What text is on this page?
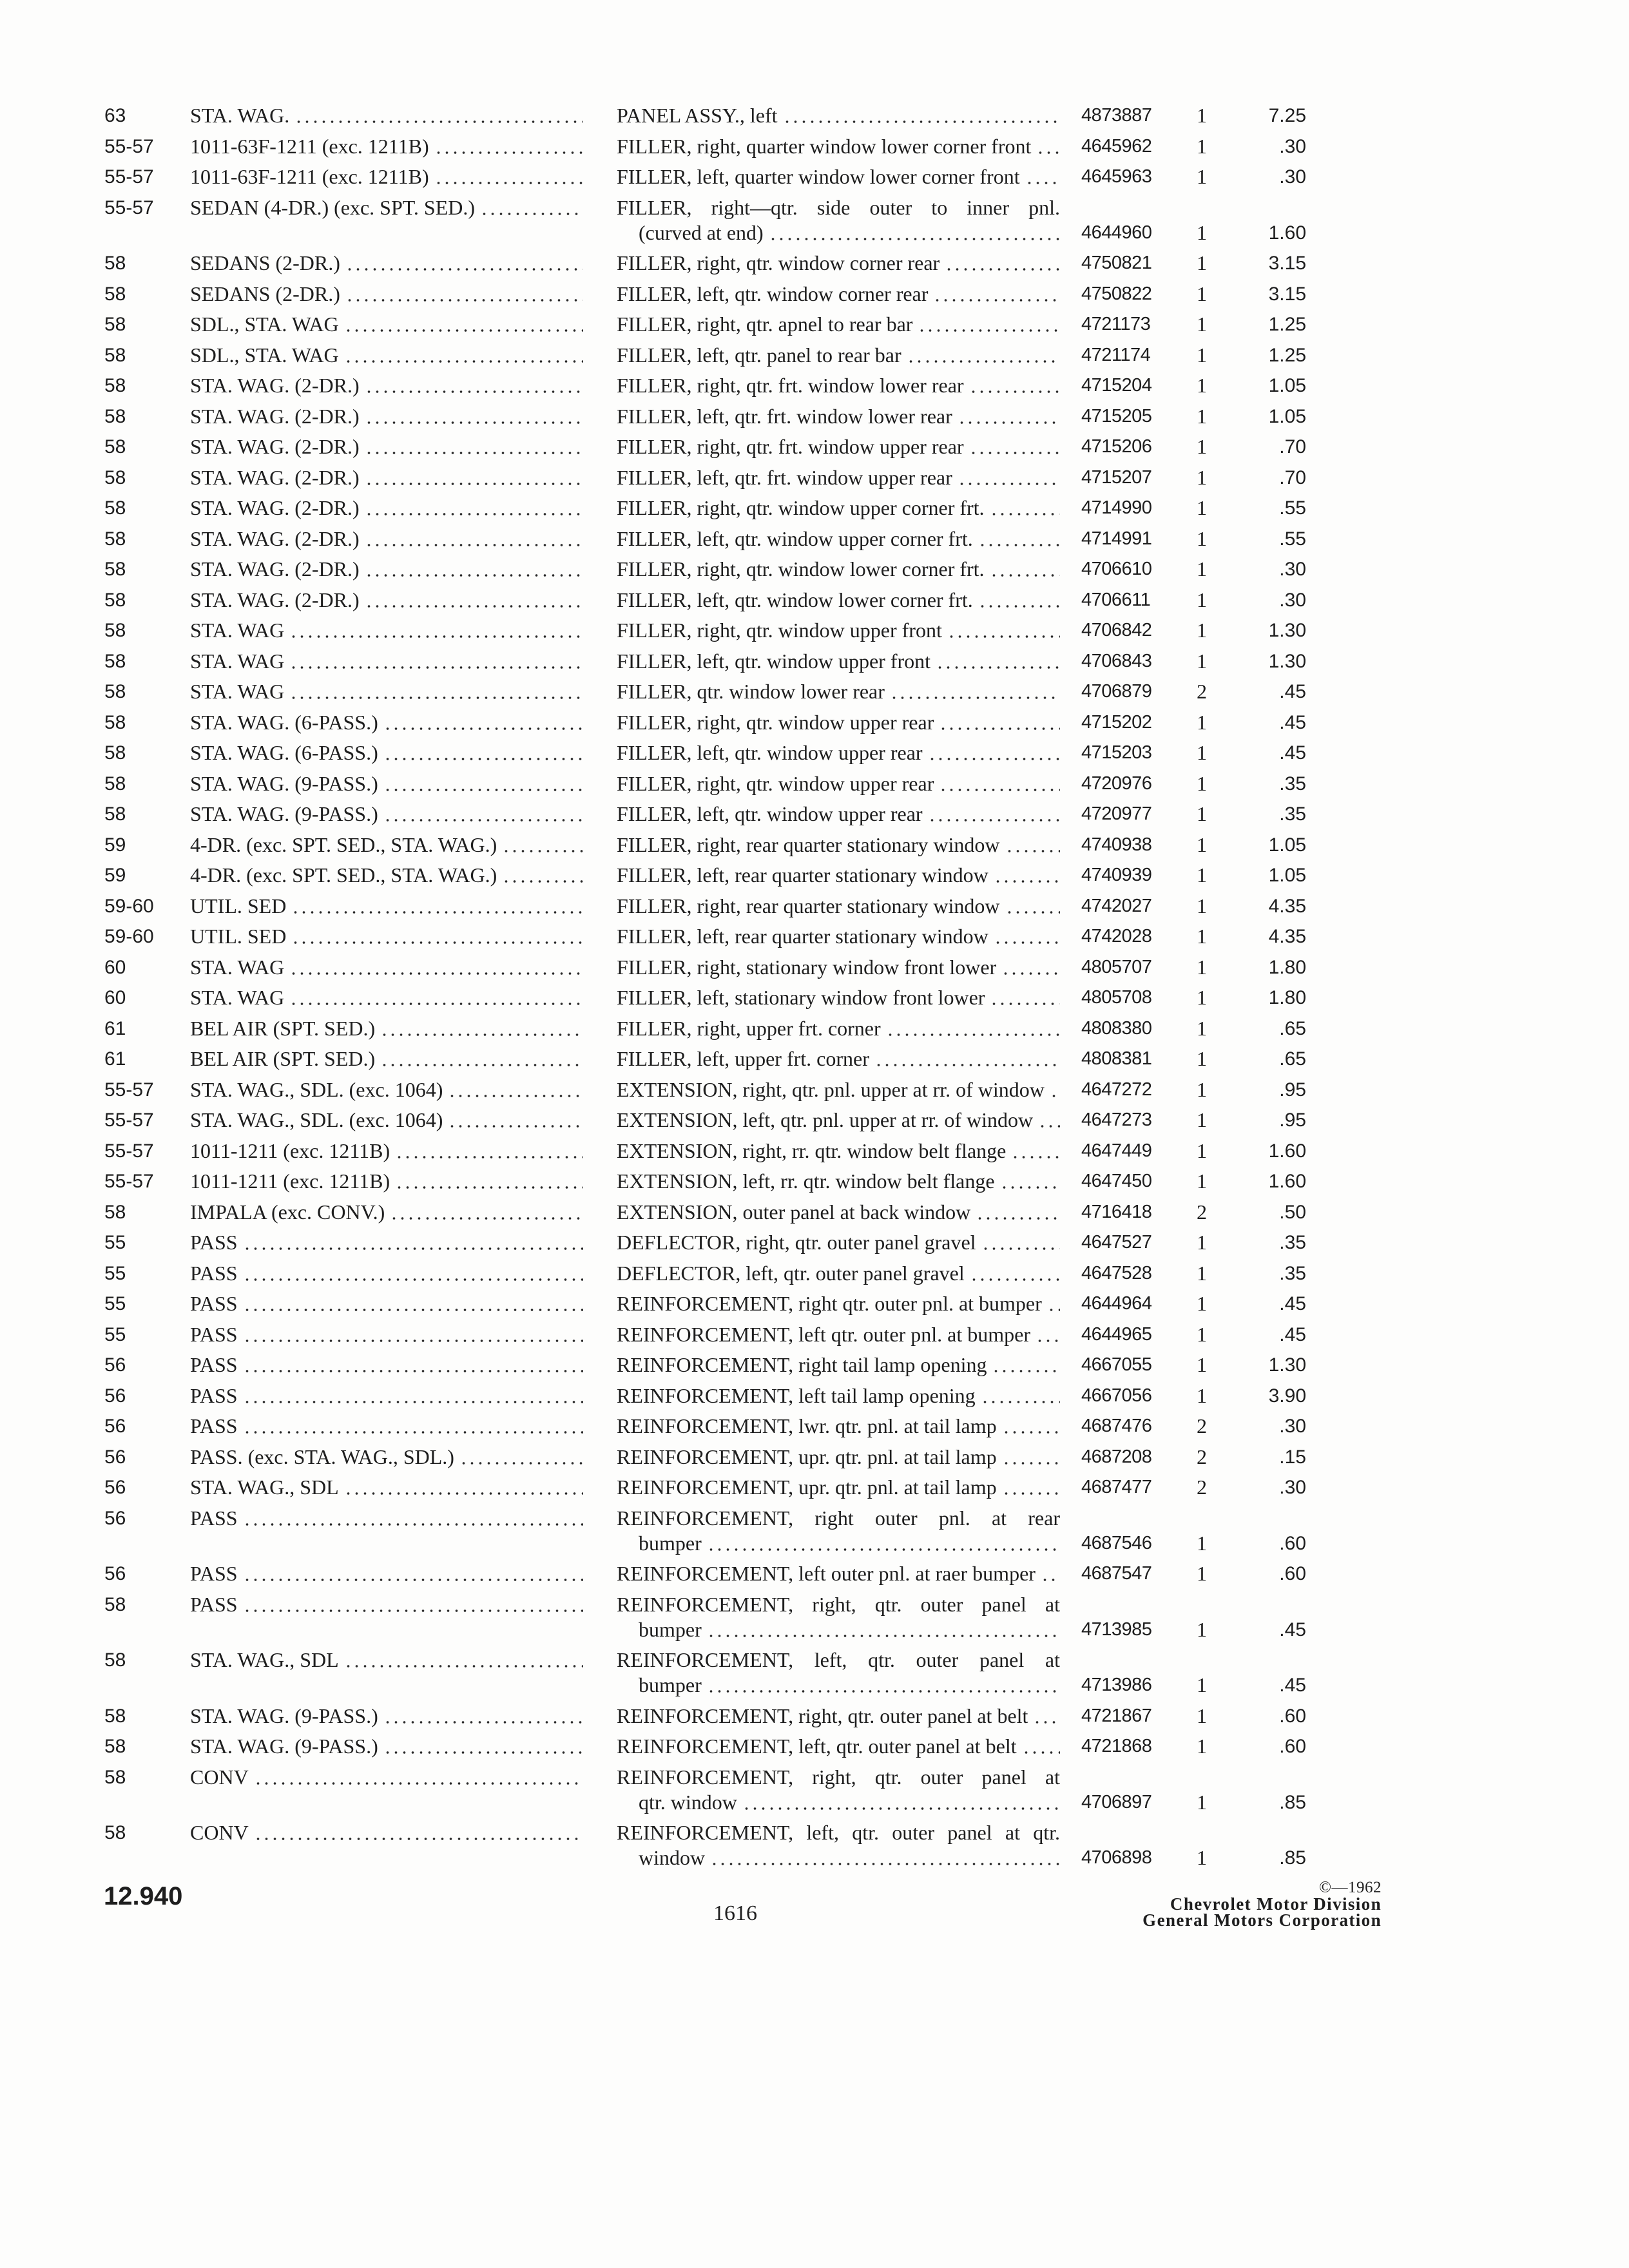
63	STA. WAG.	PANEL ASSY., left	4873887 1	7.25
55-57 1011-63F-1211 (exc. 1211B)	FILLER, right, quarter window lower corner front	4645962 1	.30
55-57 1011-63F-1211 (exc. 1211B)	FILLER, left, quarter window lower corner front	4645963 1	.30
55-57 SEDAN (4-DR.) (exc. SPT. SED.)	FILLER, right—qtr. side outer to inner pnl.
(curved at end)	4644960 1	1.60
58	SEDANS (2-DR.)	FILLER, right, qtr. window corner rear	4750821 1	3.15
58	SEDANS (2-DR.)	FILLER, left, qtr. window corner rear	4750822 1	3.15
58	SDL., STA. WAG	FILLER, right, qtr. apnel to rear bar	4721173 1	1.25
58	SDL., STA. WAG	FILLER, left, qtr. panel to rear bar	4721174 1	1.25
58	STA. WAG. (2-DR.)	FILLER, right, qtr. frt. window lower rear	4715204 1	1.05
58	STA. WAG. (2-DR.)	FILLER, left, qtr. frt. window lower rear	4715205 1	1.05
58	STA. WAG. (2-DR.)	FILLER, right, qtr. frt. window upper rear	4715206 1	.70
58	STA. WAG. (2-DR.)	FILLER, left, qtr. frt. window upper rear	4715207 1	.70
58	STA. WAG. (2-DR.)	FILLER, right, qtr. window upper corner frt.	4714990 1	.55
58	STA. WAG. (2-DR.)	FILLER, left, qtr. window upper corner frt.	4714991 1	.55
58	STA. WAG. (2-DR.)	FILLER, right, qtr. window lower corner frt.	4706610 1	.30
58	STA. WAG. (2-DR.)	FILLER, left, qtr. window lower corner frt.	4706611 1	.30
58	STA. WAG	FILLER, right, qtr. window upper front	4706842 1	1.30
58	STA. WAG	FILLER, left, qtr. window upper front	4706843 1	1.30
58	STA. WAG	FILLER, qtr. window lower rear	4706879 2	.45
58	STA. WAG. (6-PASS.)	FILLER, right, qtr. window upper rear	4715202 1	.45
58	STA. WAG. (6-PASS.)	FILLER, left, qtr. window upper rear	4715203 1	.45
58	STA. WAG. (9-PASS.)	FILLER, right, qtr. window upper rear	4720976 1	.35
58	STA. WAG. (9-PASS.)	FILLER, left, qtr. window upper rear	4720977 1	.35
59	4-DR. (exc. SPT. SED., STA. WAG.)	FILLER, right, rear quarter stationary window	4740938 1	1.05
59	4-DR. (exc. SPT. SED., STA. WAG.)	FILLER, left, rear quarter stationary window	4740939 1	1.05
59-60 UTIL. SED	FILLER, right, rear quarter stationary window	4742027 1	4.35
59-60 UTIL. SED	FILLER, left, rear quarter stationary window	4742028 1	4.35
60	STA. WAG	FILLER, right, stationary window front lower	4805707 1	1.80
60	STA. WAG	FILLER, left, stationary window front lower	4805708 1	1.80
61	BEL AIR (SPT. SED.)	FILLER, right, upper frt. corner	4808380 1	.65
61	BEL AIR (SPT. SED.)	FILLER, left, upper frt. corner	4808381 1	.65
55-57 STA. WAG., SDL. (exc. 1064)	EXTENSION, right, qtr. pnl. upper at rr. of window 4647272 1	.95
55-57 STA. WAG., SDL. (exc. 1064)	EXTENSION, left, qtr. pnl. upper at rr. of window	4647273 1	.95
55-57 1011-1211 (exc. 1211B)	EXTENSION, right, rr. qtr. window belt flange	4647449 1	1.60
55-57 1011-1211 (exc. 1211B)	EXTENSION, left, rr. qtr. window belt flange	4647450 1	1.60
58	IMPALA (exc. CONV.)	EXTENSION, outer panel at back window	4716418 2	.50
55	PASS	DEFLECTOR, right, qtr. outer panel gravel	4647527 1	.35
55	PASS	DEFLECTOR, left, qtr. outer panel gravel	4647528 1	.35
55	PASS	REINFORCEMENT, right qtr. outer pnl. at bumper 4644964 1	.45
55	PASS	REINFORCEMENT, left qtr. outer pnl. at bumper	4644965 1	.45
56	PASS	REINFORCEMENT, right tail lamp opening	4667055 1	1.30
56	PASS	REINFORCEMENT, left tail lamp opening	4667056 1	3.90
56	PASS	REINFORCEMENT, lwr. qtr. pnl. at tail lamp	4687476 2	.30
56	PASS. (exc. STA. WAG., SDL.)	REINFORCEMENT, upr. qtr. pnl. at tail lamp	4687208 2	.15
56	STA. WAG., SDL	REINFORCEMENT, upr. qtr. pnl. at tail lamp	4687477 2	.30
56	PASS	REINFORCEMENT, right outer pnl. at rear
bumper	4687546 1	.60
56	PASS	REINFORCEMENT, left outer pnl. at raer bumper 4687547 1	.60
58	PASS	REINFORCEMENT, right, qtr. outer panel at
bumper	4713985 1	.45
58	STA. WAG., SDL	REINFORCEMENT, left, qtr. outer panel at
bumper	4713986 1	.45
58	STA. WAG. (9-PASS.)	REINFORCEMENT, right, qtr. outer panel at belt	4721867 1	.60
58	STA. WAG. (9-PASS.)	REINFORCEMENT, left, qtr. outer panel at belt	4721868 1	.60
58	CONV	REINFORCEMENT, right, qtr. outer panel at
qtr. window	4706897 1	.85
58	CONV	REINFORCEMENT, left, qtr. outer panel at qtr.
window	4706898 1	.85
12.940
1616
©—1962
Chevrolet Motor Division
General Motors Corporation
